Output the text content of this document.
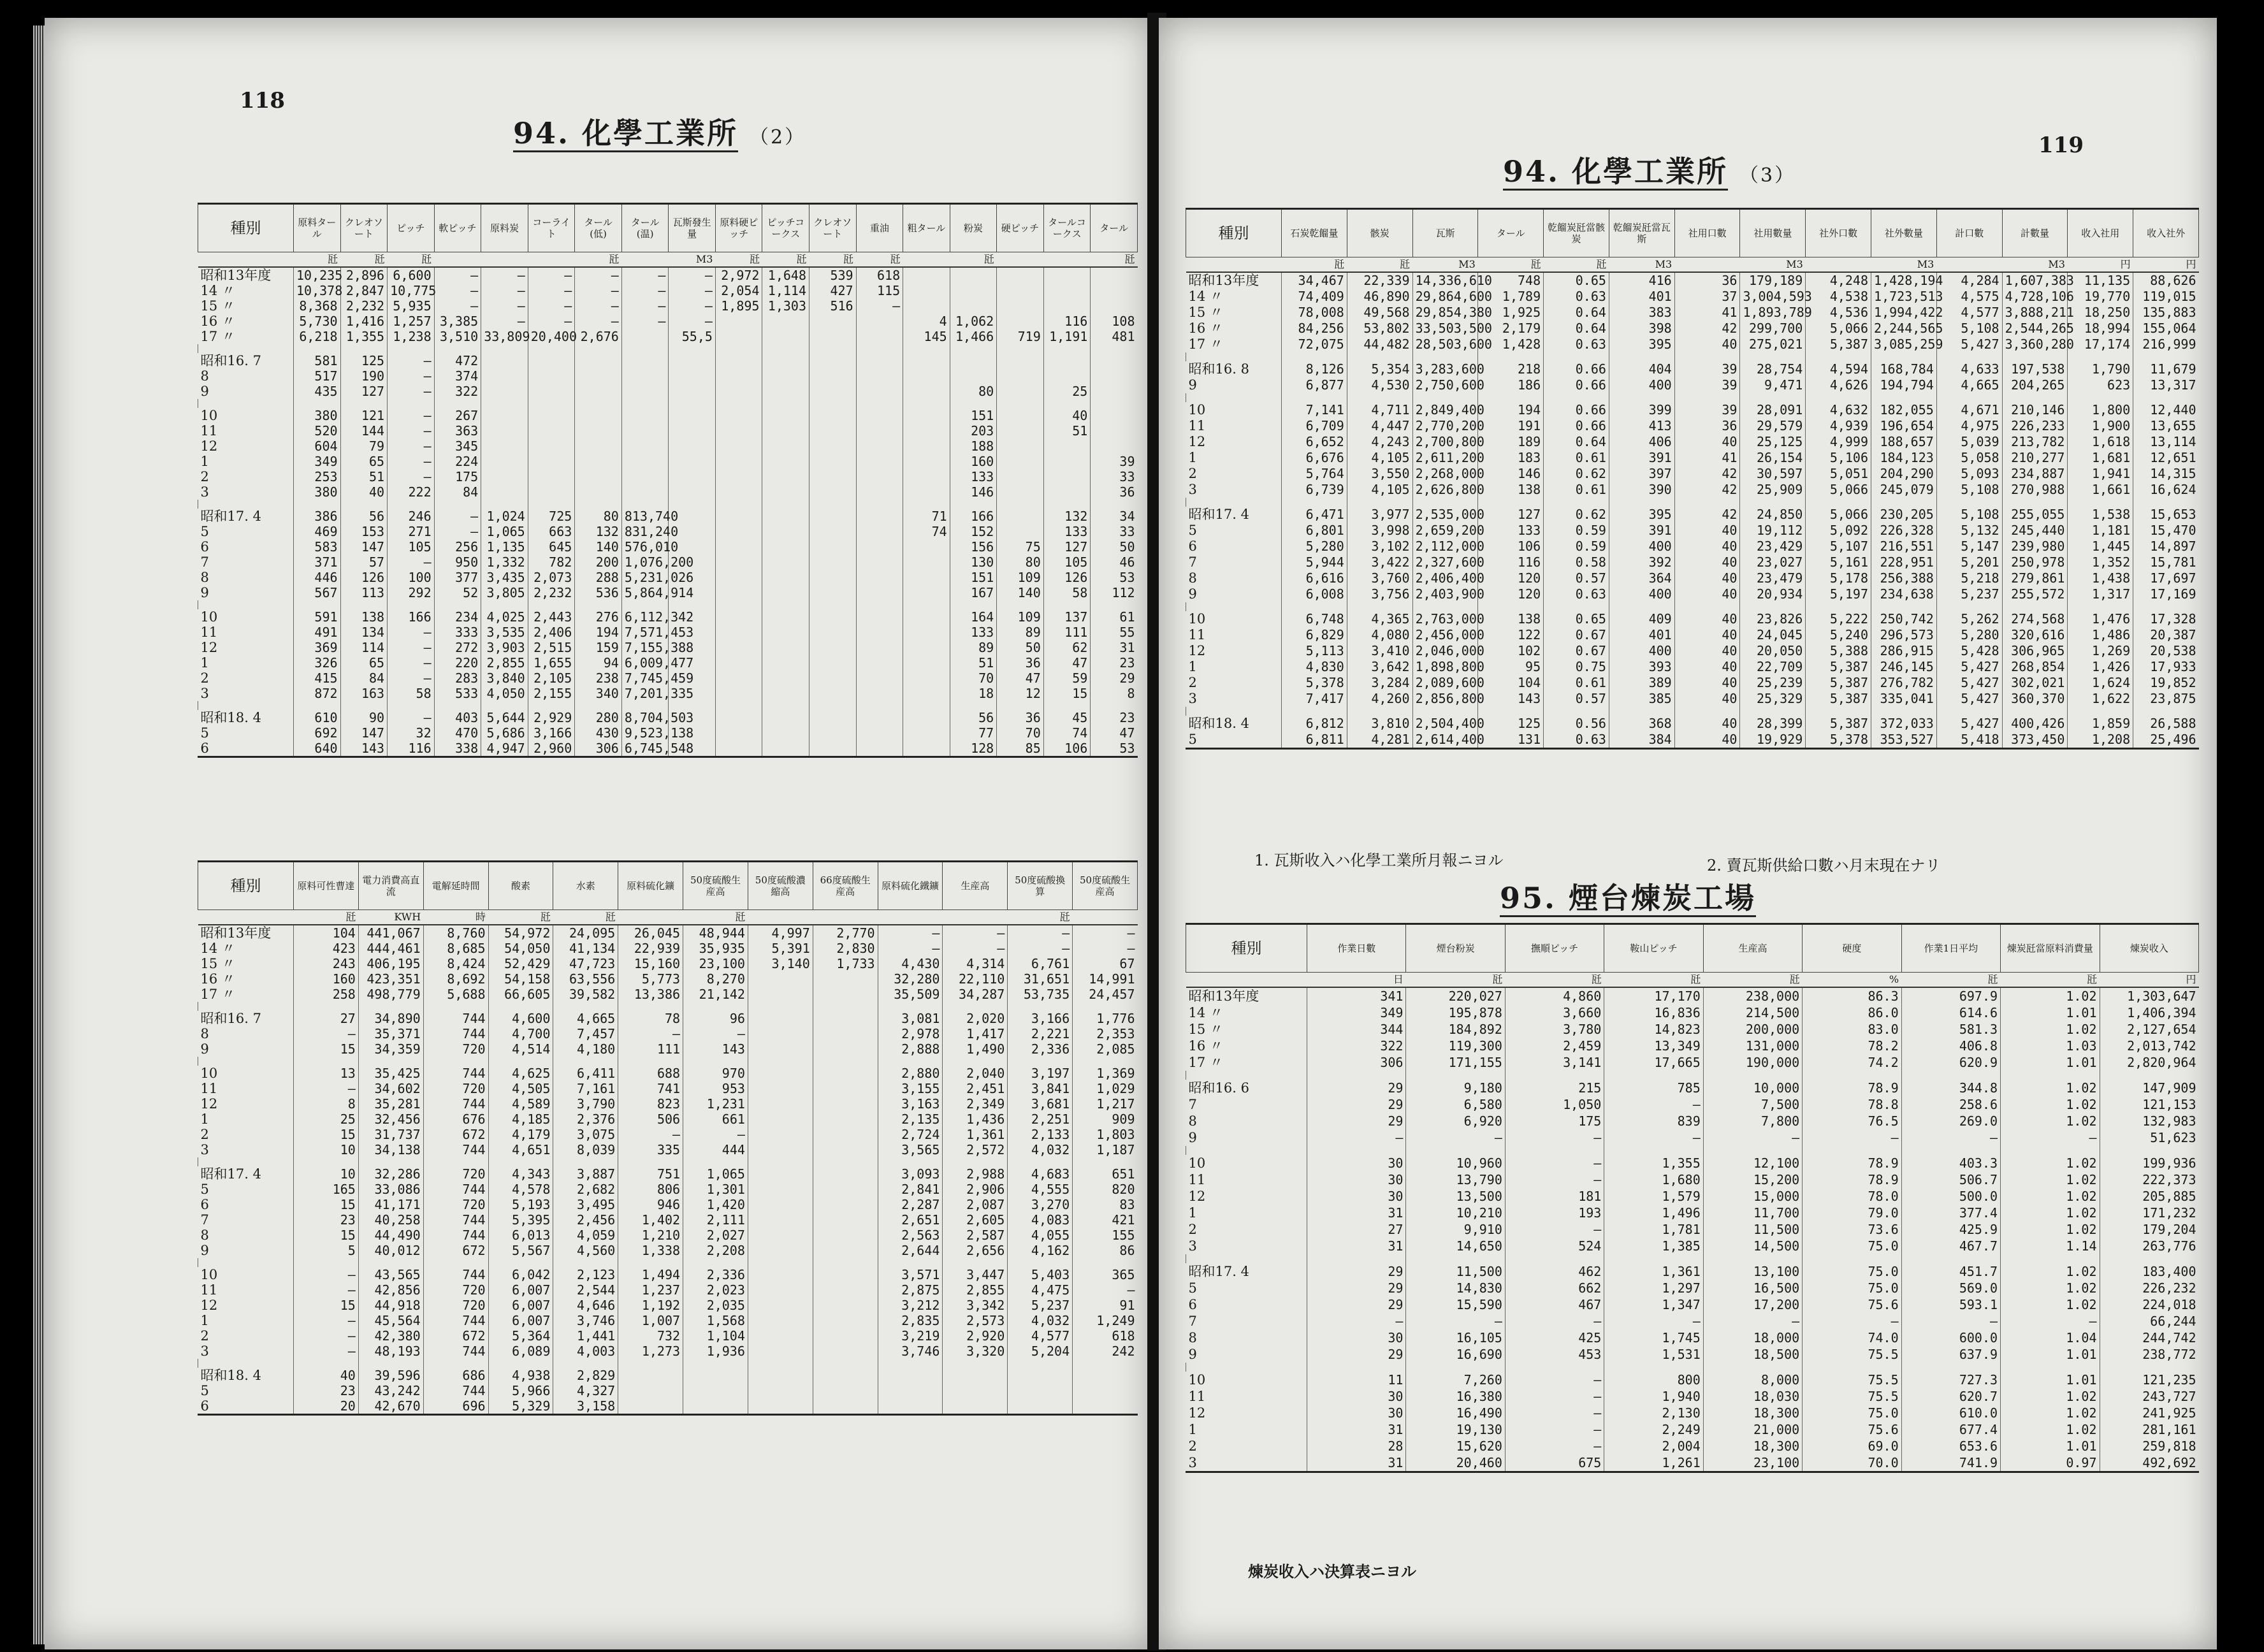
118
94. 化學工業所 （2）
種別	原料タール	クレオソート	ピッチ	軟ピッチ	原料炭	コーライト	タール(低)	タール(温)	瓦斯發生量	原料硬ピッチ	ピッチコークス	クレオソート	重油	粗タール	粉炭	硬ピッチ	タールコークス	タール
	瓩	瓩	瓩				瓩		M3	瓩	瓩	瓩	瓩		瓩			瓩
昭和13年度	10,235	2,896	6,600	—	—	—	—	—	—	2,972	1,648	539	618					
14 〃	10,378	2,847	10,775	—	—	—	—	—	—	2,054	1,114	427	115					
15 〃	8,368	2,232	5,935	—	—	—	—	—	—	1,895	1,303	516	—					
16 〃	5,730	1,416	1,257	3,385	—	—	—	—	—					4	1,062		116	108
17 〃	6,218	1,355	1,238	3,510	33,809	20,400	2,676		55,5					145	1,466	719	1,191	481

昭和16. 7	581	125	—	472														
8	517	190	—	374														
9	435	127	—	322											80		25	

10	380	121	—	267											151		40	
11	520	144	—	363											203		51	
12	604	79	—	345											188			
1	349	65	—	224											160			39
2	253	51	—	175											133			33
3	380	40	222	84											146			36

昭和17. 4	386	56	246	—	1,024	725	80	813,740						71	166		132	34
5	469	153	271	—	1,065	663	132	831,240						74	152		133	33
6	583	147	105	256	1,135	645	140	576,010							156	75	127	50
7	371	57	—	950	1,332	782	200	1,076,200							130	80	105	46
8	446	126	100	377	3,435	2,073	288	5,231,026							151	109	126	53
9	567	113	292	52	3,805	2,232	536	5,864,914							167	140	58	112

10	591	138	166	234	4,025	2,443	276	6,112,342							164	109	137	61
11	491	134	—	333	3,535	2,406	194	7,571,453							133	89	111	55
12	369	114	—	272	3,903	2,515	159	7,155,388							89	50	62	31
1	326	65	—	220	2,855	1,655	94	6,009,477							51	36	47	23
2	415	84	—	283	3,840	2,105	238	7,745,459							70	47	59	29
3	872	163	58	533	4,050	2,155	340	7,201,335							18	12	15	8

昭和18. 4	610	90	—	403	5,644	2,929	280	8,704,503							56	36	45	23
5	692	147	32	470	5,686	3,166	430	9,523,138							77	70	74	47
6	640	143	116	338	4,947	2,960	306	6,745,548							128	85	106	53
種別	原料可性曹達	電力消費高直流	電解延時間	酸素	水素	原料硫化鑛	50度硫酸生産高	50度硫酸濃縮高	66度硫酸生産高	原料硫化鐵鑛	生産高	50度硫酸換算	50度硫酸生産高
	瓩	KWH	時	瓩	瓩		瓩					瓩	
昭和13年度	104	441,067	8,760	54,972	24,095	26,045	48,944	4,997	2,770	—	—	—	—
14 〃	423	444,461	8,685	54,050	41,134	22,939	35,935	5,391	2,830	—	—	—	—
15 〃	243	406,195	8,424	52,429	47,723	15,160	23,100	3,140	1,733	4,430	4,314	6,761	67
16 〃	160	423,351	8,692	54,158	63,556	5,773	8,270			32,280	22,110	31,651	14,991
17 〃	258	498,779	5,688	66,605	39,582	13,386	21,142			35,509	34,287	53,735	24,457

昭和16. 7	27	34,890	744	4,600	4,665	78	96			3,081	2,020	3,166	1,776
8	—	35,371	744	4,700	7,457	—	—			2,978	1,417	2,221	2,353
9	15	34,359	720	4,514	4,180	111	143			2,888	1,490	2,336	2,085

10	13	35,425	744	4,625	6,411	688	970			2,880	2,040	3,197	1,369
11	—	34,602	720	4,505	7,161	741	953			3,155	2,451	3,841	1,029
12	8	35,281	744	4,589	3,790	823	1,231			3,163	2,349	3,681	1,217
1	25	32,456	676	4,185	2,376	506	661			2,135	1,436	2,251	909
2	15	31,737	672	4,179	3,075	—	—			2,724	1,361	2,133	1,803
3	10	34,138	744	4,651	8,039	335	444			3,565	2,572	4,032	1,187

昭和17. 4	10	32,286	720	4,343	3,887	751	1,065			3,093	2,988	4,683	651
5	165	33,086	744	4,578	2,682	806	1,301			2,841	2,906	4,555	820
6	15	41,171	720	5,193	3,495	946	1,420			2,287	2,087	3,270	83
7	23	40,258	744	5,395	2,456	1,402	2,111			2,651	2,605	4,083	421
8	15	44,490	744	6,013	4,059	1,210	2,027			2,563	2,587	4,055	155
9	5	40,012	672	5,567	4,560	1,338	2,208			2,644	2,656	4,162	86

10	—	43,565	744	6,042	2,123	1,494	2,336			3,571	3,447	5,403	365
11	—	42,856	720	6,007	2,544	1,237	2,023			2,875	2,855	4,475	—
12	15	44,918	720	6,007	4,646	1,192	2,035			3,212	3,342	5,237	91
1	—	45,564	744	6,007	3,746	1,007	1,568			2,835	2,573	4,032	1,249
2	—	42,380	672	5,364	1,441	732	1,104			3,219	2,920	4,577	618
3	—	48,193	744	6,089	4,003	1,273	1,936			3,746	3,320	5,204	242

昭和18. 4	40	39,596	686	4,938	2,829								
5	23	43,242	744	5,966	4,327								
6	20	42,670	696	5,329	3,158								
119
94. 化學工業所 （3）
種別	石炭乾餾量	骸炭	瓦斯	タール	乾餾炭瓩當骸炭	乾餾炭瓩當瓦斯	社用口數	社用數量	社外口數	社外數量	計口數	計數量	收入社用	收入社外
	瓩	瓩	M3	瓩	瓩	M3		M3		M3		M3	円	円
昭和13年度	34,467	22,339	14,336,610	748	0.65	416	36	179,189	4,248	1,428,194	4,284	1,607,383	11,135	88,626
14 〃	74,409	46,890	29,864,600	1,789	0.63	401	37	3,004,593	4,538	1,723,513	4,575	4,728,106	19,770	119,015
15 〃	78,008	49,568	29,854,380	1,925	0.64	383	41	1,893,789	4,536	1,994,422	4,577	3,888,211	18,250	135,883
16 〃	84,256	53,802	33,503,500	2,179	0.64	398	42	299,700	5,066	2,244,565	5,108	2,544,265	18,994	155,064
17 〃	72,075	44,482	28,503,600	1,428	0.63	395	40	275,021	5,387	3,085,259	5,427	3,360,280	17,174	216,999

昭和16. 8	8,126	5,354	3,283,600	218	0.66	404	39	28,754	4,594	168,784	4,633	197,538	1,790	11,679
9	6,877	4,530	2,750,600	186	0.66	400	39	9,471	4,626	194,794	4,665	204,265	623	13,317

10	7,141	4,711	2,849,400	194	0.66	399	39	28,091	4,632	182,055	4,671	210,146	1,800	12,440
11	6,709	4,447	2,770,200	191	0.66	413	36	29,579	4,939	196,654	4,975	226,233	1,900	13,655
12	6,652	4,243	2,700,800	189	0.64	406	40	25,125	4,999	188,657	5,039	213,782	1,618	13,114
1	6,676	4,105	2,611,200	183	0.61	391	41	26,154	5,106	184,123	5,058	210,277	1,681	12,651
2	5,764	3,550	2,268,000	146	0.62	397	42	30,597	5,051	204,290	5,093	234,887	1,941	14,315
3	6,739	4,105	2,626,800	138	0.61	390	42	25,909	5,066	245,079	5,108	270,988	1,661	16,624

昭和17. 4	6,471	3,977	2,535,000	127	0.62	395	42	24,850	5,066	230,205	5,108	255,055	1,538	15,653
5	6,801	3,998	2,659,200	133	0.59	391	40	19,112	5,092	226,328	5,132	245,440	1,181	15,470
6	5,280	3,102	2,112,000	106	0.59	400	40	23,429	5,107	216,551	5,147	239,980	1,445	14,897
7	5,944	3,422	2,327,600	116	0.58	392	40	23,027	5,161	228,951	5,201	250,978	1,352	15,781
8	6,616	3,760	2,406,400	120	0.57	364	40	23,479	5,178	256,388	5,218	279,861	1,438	17,697
9	6,008	3,756	2,403,900	120	0.63	400	40	20,934	5,197	234,638	5,237	255,572	1,317	17,169

10	6,748	4,365	2,763,000	138	0.65	409	40	23,826	5,222	250,742	5,262	274,568	1,476	17,328
11	6,829	4,080	2,456,000	122	0.67	401	40	24,045	5,240	296,573	5,280	320,616	1,486	20,387
12	5,113	3,410	2,046,000	102	0.67	400	40	20,050	5,388	286,915	5,428	306,965	1,269	20,538
1	4,830	3,642	1,898,800	95	0.75	393	40	22,709	5,387	246,145	5,427	268,854	1,426	17,933
2	5,378	3,284	2,089,600	104	0.61	389	40	25,239	5,387	276,782	5,427	302,021	1,624	19,852
3	7,417	4,260	2,856,800	143	0.57	385	40	25,329	5,387	335,041	5,427	360,370	1,622	23,875

昭和18. 4	6,812	3,810	2,504,400	125	0.56	368	40	28,399	5,387	372,033	5,427	400,426	1,859	26,588
5	6,811	4,281	2,614,400	131	0.63	384	40	19,929	5,378	353,527	5,418	373,450	1,208	25,496
1. 瓦斯收入ハ化學工業所月報ニヨル	2. 賣瓦斯供給口數ハ月末現在ナリ
95. 煙台煉炭工場
種別	作業日數	煙台粉炭	撫順ピッチ	鞍山ピッチ	生産高	硬度	作業1日平均	煉炭瓩當原料消費量	煉炭收入
	日	瓩	瓩	瓩	瓩	%	瓩	瓩	円
昭和13年度	341	220,027	4,860	17,170	238,000	86.3	697.9	1.02	1,303,647
14 〃	349	195,878	3,660	16,836	214,500	86.0	614.6	1.01	1,406,394
15 〃	344	184,892	3,780	14,823	200,000	83.0	581.3	1.02	2,127,654
16 〃	322	119,300	2,459	13,349	131,000	78.2	406.8	1.03	2,013,742
17 〃	306	171,155	3,141	17,665	190,000	74.2	620.9	1.01	2,820,964

昭和16. 6	29	9,180	215	785	10,000	78.9	344.8	1.02	147,909
7	29	6,580	1,050	—	7,500	78.8	258.6	1.02	121,153
8	29	6,920	175	839	7,800	76.5	269.0	1.02	132,983
9	—	—	—	—	—	—	—	—	51,623

10	30	10,960	—	1,355	12,100	78.9	403.3	1.02	199,936
11	30	13,790	—	1,680	15,200	78.9	506.7	1.02	222,373
12	30	13,500	181	1,579	15,000	78.0	500.0	1.02	205,885
1	31	10,210	193	1,496	11,700	79.0	377.4	1.02	171,232
2	27	9,910	—	1,781	11,500	73.6	425.9	1.02	179,204
3	31	14,650	524	1,385	14,500	75.0	467.7	1.14	263,776

昭和17. 4	29	11,500	462	1,361	13,100	75.0	451.7	1.02	183,400
5	29	14,830	662	1,297	16,500	75.0	569.0	1.02	226,232
6	29	15,590	467	1,347	17,200	75.6	593.1	1.02	224,018
7	—	—	—	—	—	—	—	—	66,244
8	30	16,105	425	1,745	18,000	74.0	600.0	1.04	244,742
9	29	16,690	453	1,531	18,500	75.5	637.9	1.01	238,772

10	11	7,260	—	800	8,000	75.5	727.3	1.01	121,235
11	30	16,380	—	1,940	18,030	75.5	620.7	1.02	243,727
12	30	16,490	—	2,130	18,300	75.0	610.0	1.02	241,925
1	31	19,130	—	2,249	21,000	75.6	677.4	1.02	281,161
2	28	15,620	—	2,004	18,300	69.0	653.6	1.01	259,818
3	31	20,460	675	1,261	23,100	70.0	741.9	0.97	492,692
煉炭收入ハ決算表ニヨル
